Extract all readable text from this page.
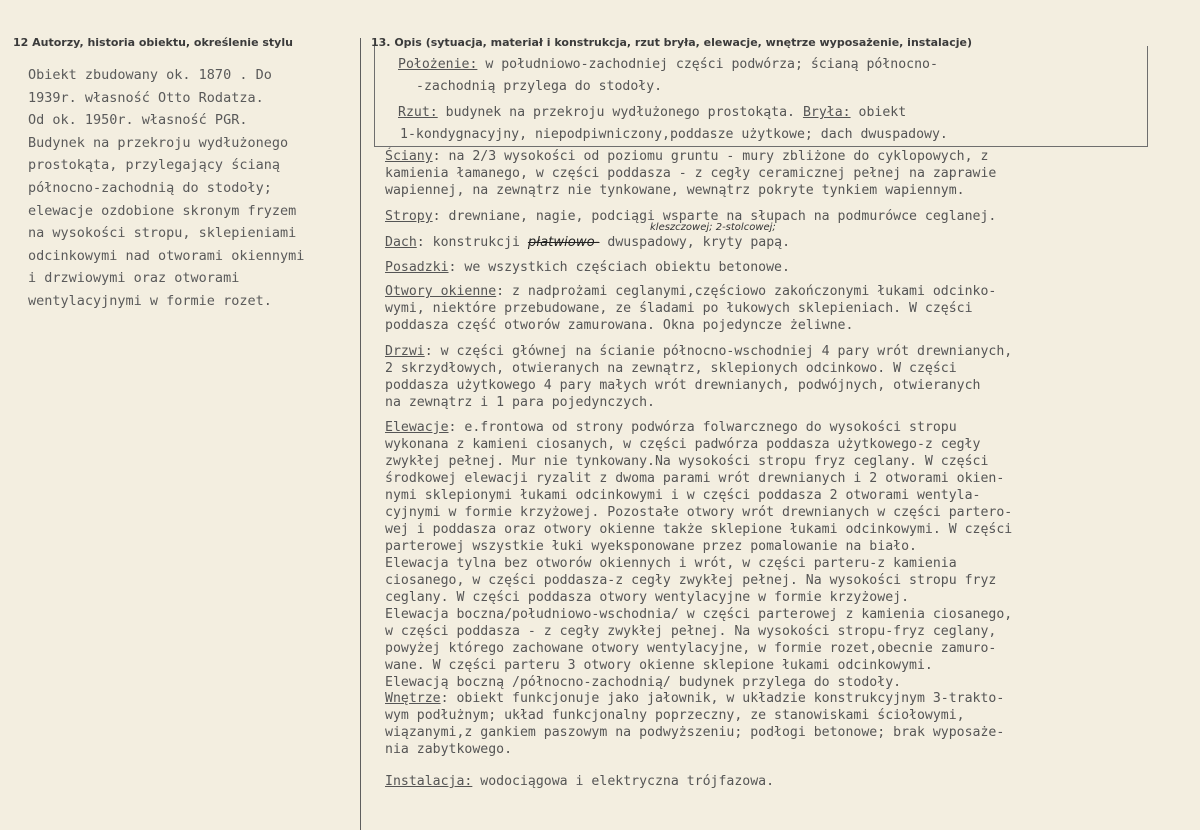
12 Autorzy, historia obiektu, określenie stylu	13. Opis (sytuacja, materiał i konstrukcja, rzut bryła, elewacje, wnętrze wyposażenie, instalacje)
Obiekt zbudowany ok. 1870 . Do
1939r. własność Otto Rodatza.
Od ok. 1950r. własność PGR.
Budynek na przekroju wydłużonego
prostokąta, przylegający ścianą
północno-zachodnią do stodoły;
elewacje ozdobione skronym fryzem
na wysokości stropu, sklepieniami
odcinkowymi nad otworami okiennymi
i drzwiowymi oraz otworami
wentylacyjnymi w formie rozet.
Położenie: w południowo-zachodniej części podwórza; ścianą północno-
-zachodnią przylega do stodoły.
Rzut: budynek na przekroju wydłużonego prostokąta. Bryła: obiekt
1-kondygnacyjny, niepodpiwniczony,poddasze użytkowe; dach dwuspadowy.
Ściany: na 2/3 wysokości od poziomu gruntu - mury zbliżone do cyklopowych, z
kamienia łamanego, w części poddasza - z cegły ceramicznej pełnej na zaprawie
wapiennej, na zewnątrz nie tynkowane, wewnątrz pokryte tynkiem wapiennym.
Stropy: drewniane, nagie, podciągi wsparte na słupach na podmurówce ceglanej.
kleszczowej; 2-stolcowej;
Dach: konstrukcji płatwiowo- dwuspadowy, kryty papą.
Posadzki: we wszystkich częściach obiektu betonowe.
Otwory okienne: z nadprożami ceglanymi,częściowo zakończonymi łukami odcinko-
wymi, niektóre przebudowane, ze śladami po łukowych sklepieniach. W części
poddasza część otworów zamurowana. Okna pojedyncze żeliwne.
Drzwi: w części głównej na ścianie północno-wschodniej 4 pary wrót drewnianych,
2 skrzydłowych, otwieranych na zewnątrz, sklepionych odcinkowo. W części
poddasza użytkowego 4 pary małych wrót drewnianych, podwójnych, otwieranych
na zewnątrz i 1 para pojedynczych.
Elewacje: e.frontowa od strony podwórza folwarcznego do wysokości stropu
wykonana z kamieni ciosanych, w części padwórza poddasza użytkowego-z cegły
zwykłej pełnej. Mur nie tynkowany.Na wysokości stropu fryz ceglany. W części
środkowej elewacji ryzalit z dwoma parami wrót drewnianych i 2 otworami okien-
nymi sklepionymi łukami odcinkowymi i w części poddasza 2 otworami wentyla-
cyjnymi w formie krzyżowej. Pozostałe otwory wrót drewnianych w części partero-
wej i poddasza oraz otwory okienne także sklepione łukami odcinkowymi. W części
parterowej wszystkie łuki wyeksponowane przez pomalowanie na biało.
Elewacja tylna bez otworów okiennych i wrót, w części parteru-z kamienia
ciosanego, w części poddasza-z cegły zwykłej pełnej. Na wysokości stropu fryz
ceglany. W części poddasza otwory wentylacyjne w formie krzyżowej.
Elewacja boczna/południowo-wschodnia/ w części parterowej z kamienia ciosanego,
w części poddasza - z cegły zwykłej pełnej. Na wysokości stropu-fryz ceglany,
powyżej którego zachowane otwory wentylacyjne, w formie rozet,obecnie zamuro-
wane. W części parteru 3 otwory okienne sklepione łukami odcinkowymi.
Elewacją boczną /północno-zachodnią/ budynek przylega do stodoły.
Wnętrze: obiekt funkcjonuje jako jałownik, w układzie konstrukcyjnym 3-trakto-
wym podłużnym; układ funkcjonalny poprzeczny, ze stanowiskami ściołowymi,
wiązanymi,z gankiem paszowym na podwyższeniu; podłogi betonowe; brak wyposaże-
nia zabytkowego.
Instalacja: wodociągowa i elektryczna trójfazowa.
